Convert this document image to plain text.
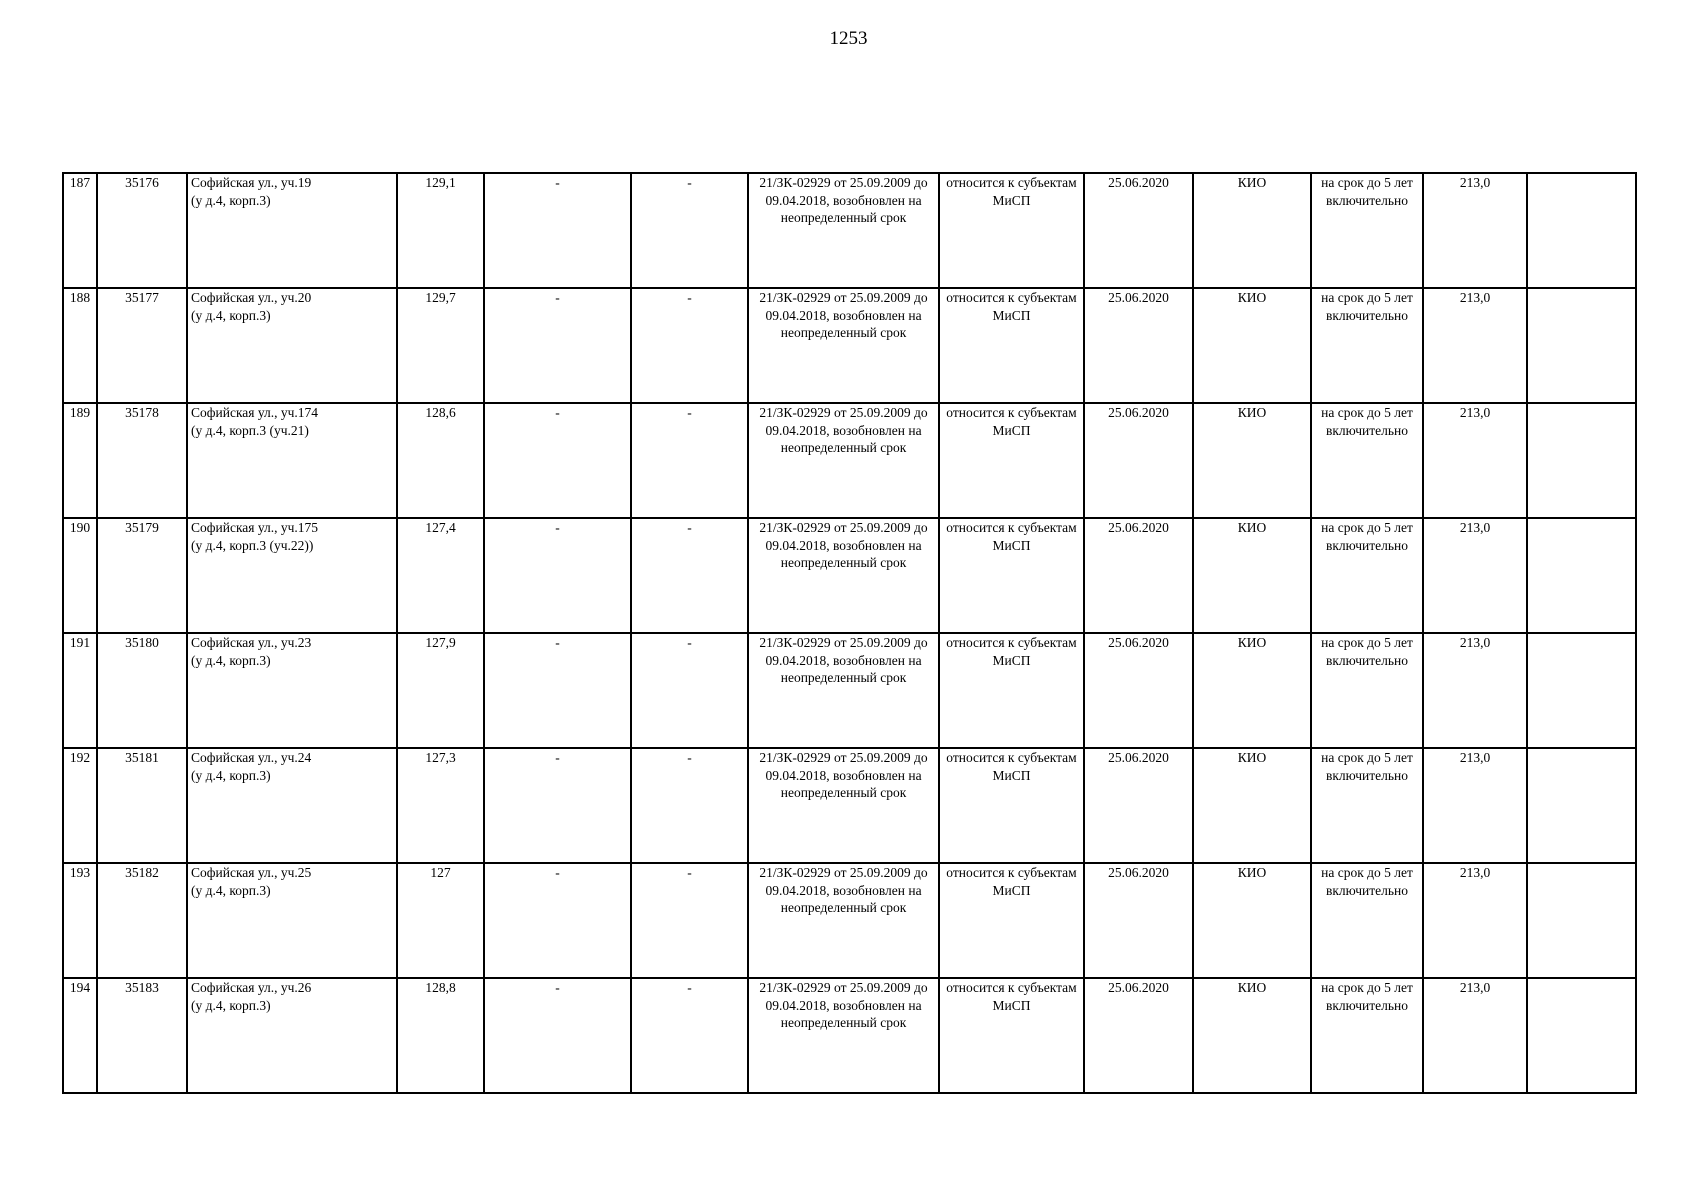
1253
187	35176	Софийская ул., уч.19
(у д.4, корп.3)	129,1	-	-	21/ЗК-02929 от 25.09.2009 до 09.04.2018, возобновлен на неопределенный срок	относится к субъектам МиСП	25.06.2020	КИО	на срок до 5 лет включительно	213,0	
188	35177	Софийская ул., уч.20
(у д.4, корп.3)	129,7	-	-	21/ЗК-02929 от 25.09.2009 до 09.04.2018, возобновлен на неопределенный срок	относится к субъектам МиСП	25.06.2020	КИО	на срок до 5 лет включительно	213,0	
189	35178	Софийская ул., уч.174
(у д.4, корп.3 (уч.21)	128,6	-	-	21/ЗК-02929 от 25.09.2009 до 09.04.2018, возобновлен на неопределенный срок	относится к субъектам МиСП	25.06.2020	КИО	на срок до 5 лет включительно	213,0	
190	35179	Софийская ул., уч.175
(у д.4, корп.3 (уч.22))	127,4	-	-	21/ЗК-02929 от 25.09.2009 до 09.04.2018, возобновлен на неопределенный срок	относится к субъектам МиСП	25.06.2020	КИО	на срок до 5 лет включительно	213,0	
191	35180	Софийская ул., уч.23
(у д.4, корп.3)	127,9	-	-	21/ЗК-02929 от 25.09.2009 до 09.04.2018, возобновлен на неопределенный срок	относится к субъектам МиСП	25.06.2020	КИО	на срок до 5 лет включительно	213,0	
192	35181	Софийская ул., уч.24
(у д.4, корп.3)	127,3	-	-	21/ЗК-02929 от 25.09.2009 до 09.04.2018, возобновлен на неопределенный срок	относится к субъектам МиСП	25.06.2020	КИО	на срок до 5 лет включительно	213,0	
193	35182	Софийская ул., уч.25
(у д.4, корп.3)	127	-	-	21/ЗК-02929 от 25.09.2009 до 09.04.2018, возобновлен на неопределенный срок	относится к субъектам МиСП	25.06.2020	КИО	на срок до 5 лет включительно	213,0	
194	35183	Софийская ул., уч.26
(у д.4, корп.3)	128,8	-	-	21/ЗК-02929 от 25.09.2009 до 09.04.2018, возобновлен на неопределенный срок	относится к субъектам МиСП	25.06.2020	КИО	на срок до 5 лет включительно	213,0	
